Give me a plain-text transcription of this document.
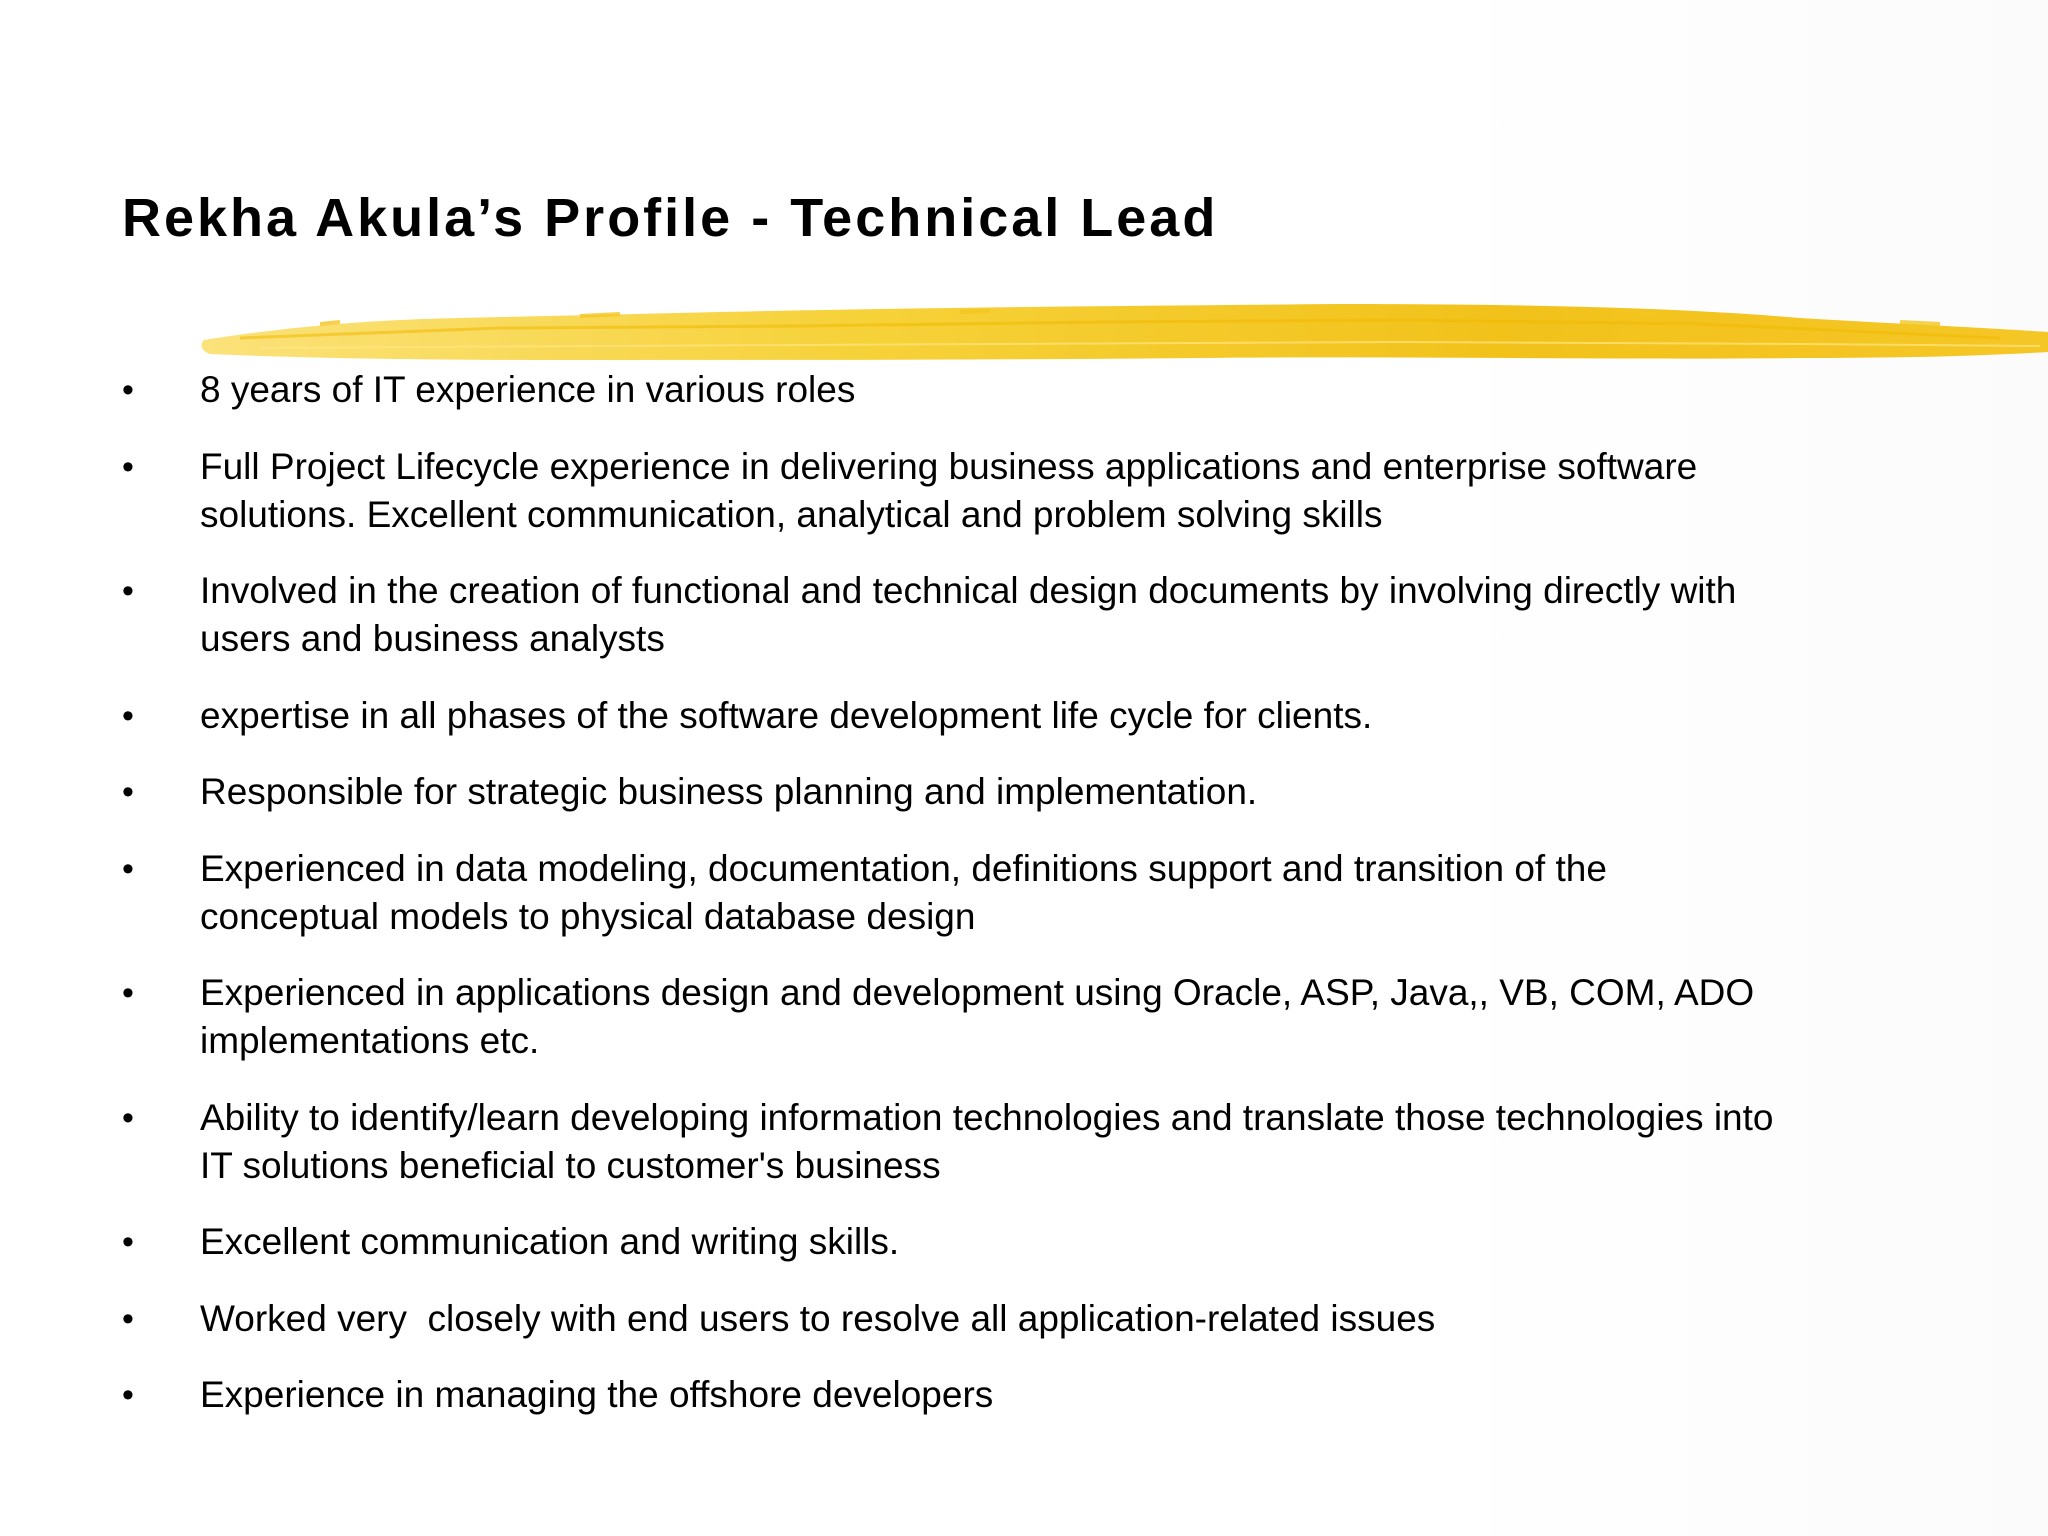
Rekha Akula’s Profile - Technical Lead
•	8 years of IT experience in various roles
•	Full Project Lifecycle experience in delivering business applications and enterprise software
solutions. Excellent communication, analytical and problem solving skills
•	Involved in the creation of functional and technical design documents by involving directly with
users and business analysts
•	expertise in all phases of the software development life cycle for clients.
•	Responsible for strategic business planning and implementation.
•	Experienced in data modeling, documentation, definitions support and transition of the
conceptual models to physical database design
•	Experienced in applications design and development using Oracle, ASP, Java,, VB, COM, ADO
implementations etc.
•	Ability to identify/learn developing information technologies and translate those technologies into
IT solutions beneficial to customer's business
•	Excellent communication and writing skills.
•	Worked very  closely with end users to resolve all application-related issues
•	Experience in managing the offshore developers
